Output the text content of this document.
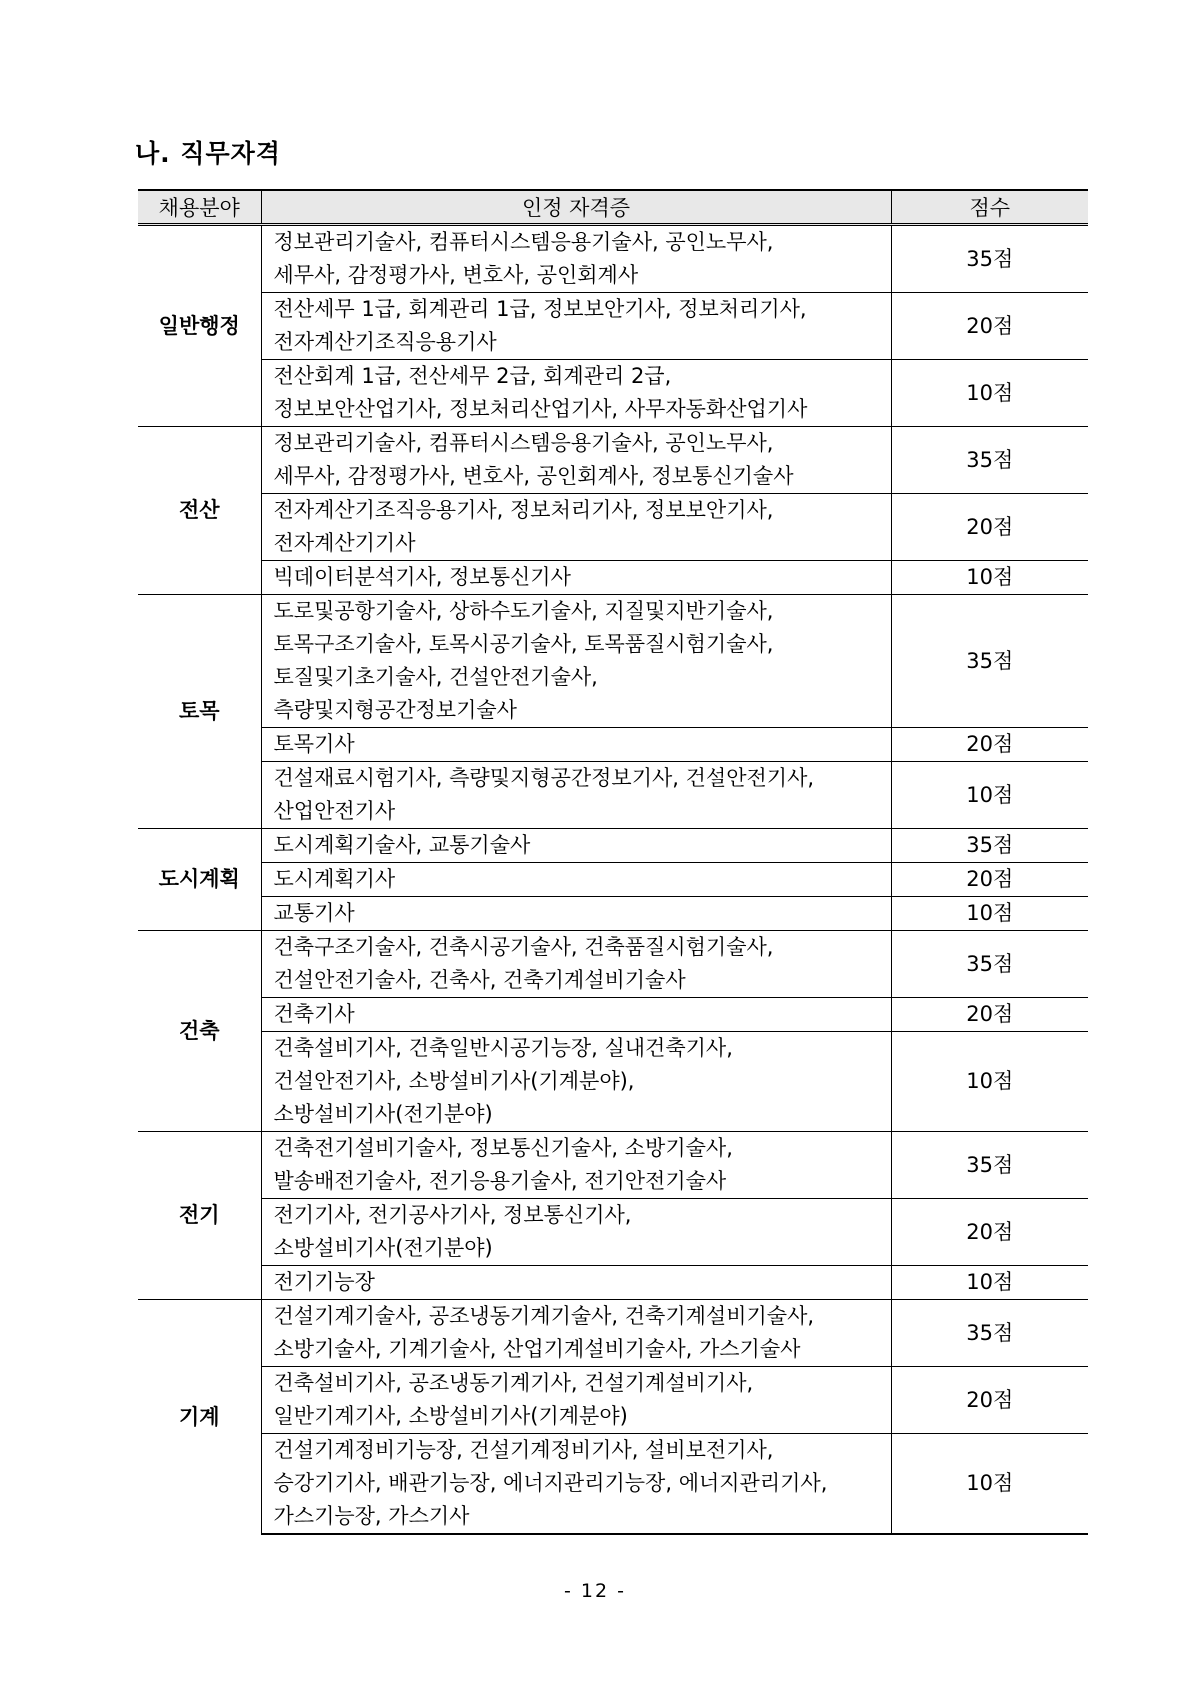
나. 직무자격
채용분야	인정 자격증	점수
일반행정	정보관리기술사, 컴퓨터시스템응용기술사, 공인노무사,
세무사, 감정평가사, 변호사, 공인회계사	35점
	전산세무 1급, 회계관리 1급, 정보보안기사, 정보처리기사,
전자계산기조직응용기사	20점
	전산회계 1급, 전산세무 2급, 회계관리 2급,
정보보안산업기사, 정보처리산업기사, 사무자동화산업기사	10점
전산	정보관리기술사, 컴퓨터시스템응용기술사, 공인노무사,
세무사, 감정평가사, 변호사, 공인회계사, 정보통신기술사	35점
	전자계산기조직응용기사, 정보처리기사, 정보보안기사,
전자계산기기사	20점
	빅데이터분석기사, 정보통신기사	10점
토목	도로및공항기술사, 상하수도기술사, 지질및지반기술사,
토목구조기술사, 토목시공기술사, 토목품질시험기술사,
토질및기초기술사, 건설안전기술사,
측량및지형공간정보기술사	35점
	토목기사	20점
	건설재료시험기사, 측량및지형공간정보기사, 건설안전기사,
산업안전기사	10점
도시계획	도시계획기술사, 교통기술사	35점
	도시계획기사	20점
	교통기사	10점
건축	건축구조기술사, 건축시공기술사, 건축품질시험기술사,
건설안전기술사, 건축사, 건축기계설비기술사	35점
	건축기사	20점
	건축설비기사, 건축일반시공기능장, 실내건축기사,
건설안전기사, 소방설비기사(기계분야),
소방설비기사(전기분야)	10점
전기	건축전기설비기술사, 정보통신기술사, 소방기술사,
발송배전기술사, 전기응용기술사, 전기안전기술사	35점
	전기기사, 전기공사기사, 정보통신기사,
소방설비기사(전기분야)	20점
	전기기능장	10점
기계	건설기계기술사, 공조냉동기계기술사, 건축기계설비기술사,
소방기술사, 기계기술사, 산업기계설비기술사, 가스기술사	35점
	건축설비기사, 공조냉동기계기사, 건설기계설비기사,
일반기계기사, 소방설비기사(기계분야)	20점
	건설기계정비기능장, 건설기계정비기사, 설비보전기사,
승강기기사, 배관기능장, 에너지관리기능장, 에너지관리기사,
가스기능장, 가스기사	10점
- 12 -
